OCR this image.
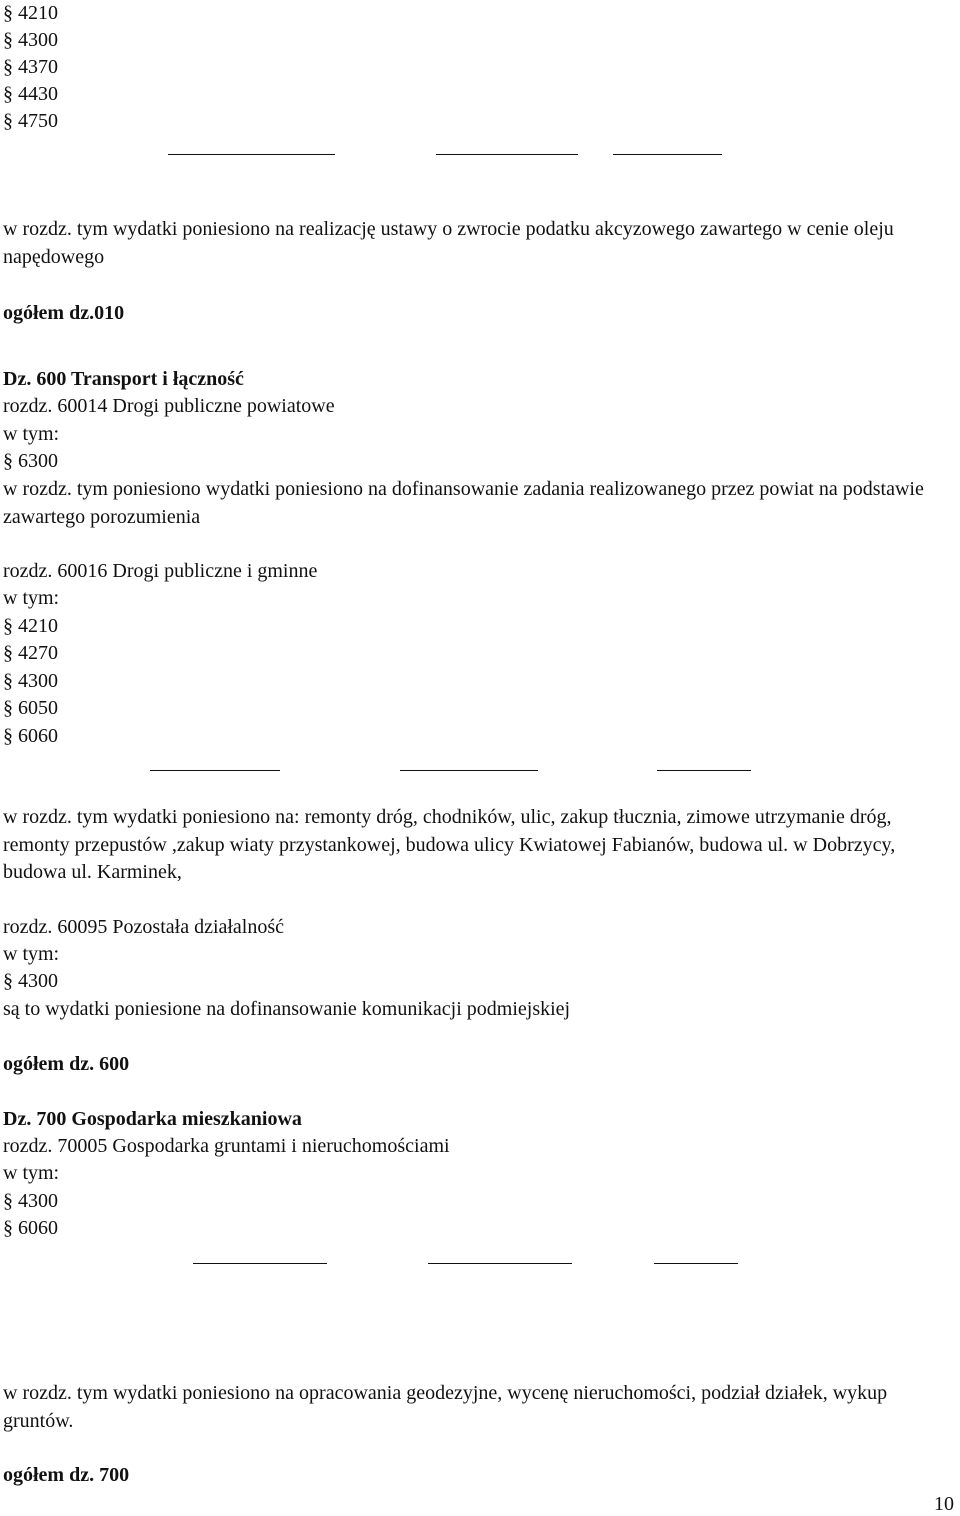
§ 4210
§ 4300
§ 4370
§ 4430
§ 4750
w rozdz. tym wydatki poniesiono na realizację ustawy o zwrocie podatku akcyzowego zawartego w cenie oleju napędowego
ogółem dz.010
Dz. 600 Transport i łączność
rozdz. 60014 Drogi publiczne powiatowe
w tym:
§ 6300
w rozdz. tym poniesiono wydatki poniesiono na dofinansowanie zadania realizowanego przez powiat na podstawie zawartego porozumienia
rozdz. 60016 Drogi publiczne i gminne
w tym:
§ 4210
§ 4270
§ 4300
§ 6050
§ 6060
w rozdz. tym wydatki poniesiono na: remonty dróg, chodników, ulic, zakup tłucznia, zimowe utrzymanie dróg, remonty przepustów ,zakup wiaty przystankowej, budowa ulicy Kwiatowej Fabianów, budowa ul. w Dobrzycy, budowa ul. Karminek,
rozdz. 60095 Pozostała działalność
w tym:
§ 4300
są to wydatki poniesione na dofinansowanie komunikacji podmiejskiej
ogółem dz. 600
Dz. 700 Gospodarka mieszkaniowa
rozdz. 70005 Gospodarka gruntami i nieruchomościami
w tym:
§ 4300
§ 6060
w rozdz. tym wydatki poniesiono na opracowania geodezyjne, wycenę nieruchomości, podział działek, wykup gruntów.
ogółem dz. 700
10
